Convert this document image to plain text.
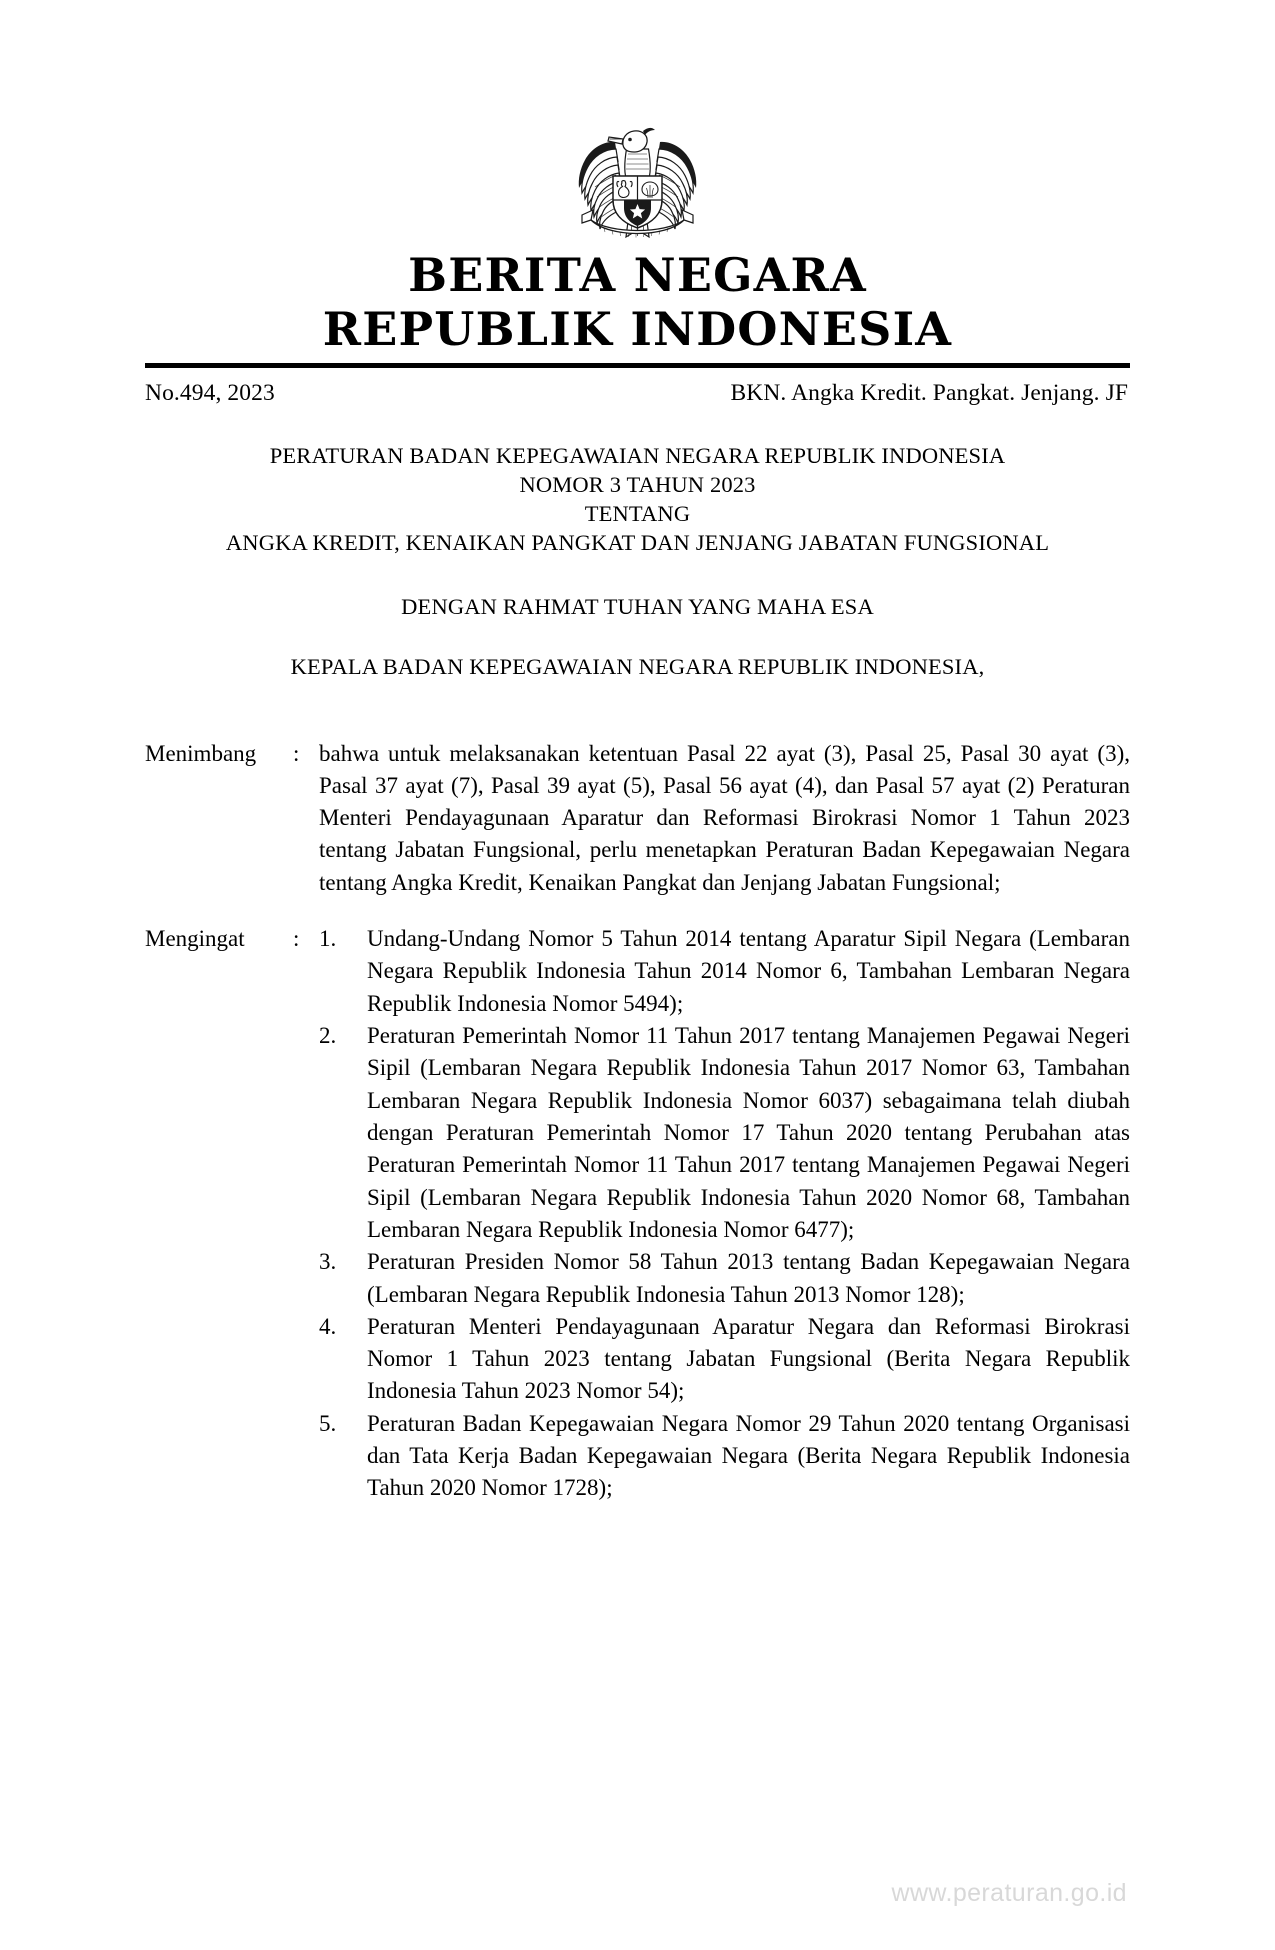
BERITA NEGARA
REPUBLIK INDONESIA
No.494, 2023	BKN. Angka Kredit. Pangkat. Jenjang. JF
PERATURAN BADAN KEPEGAWAIAN NEGARA REPUBLIK INDONESIA
NOMOR 3 TAHUN 2023
TENTANG
ANGKA KREDIT, KENAIKAN PANGKAT DAN JENJANG JABATAN FUNGSIONAL
DENGAN RAHMAT TUHAN YANG MAHA ESA
KEPALA BADAN KEPEGAWAIAN NEGARA REPUBLIK INDONESIA,
Menimbang	: bahwa untuk melaksanakan ketentuan Pasal 22 ayat (3), Pasal 25, Pasal 30 ayat (3), Pasal 37 ayat (7), Pasal 39 ayat (5), Pasal 56 ayat (4), dan Pasal 57 ayat (2) Peraturan Menteri Pendayagunaan Aparatur dan Reformasi Birokrasi Nomor 1 Tahun 2023 tentang Jabatan Fungsional, perlu menetapkan Peraturan Badan Kepegawaian Negara tentang Angka Kredit, Kenaikan Pangkat dan Jenjang Jabatan Fungsional;

Mengingat	: 1.	Undang-Undang Nomor 5 Tahun 2014 tentang Aparatur Sipil Negara (Lembaran Negara Republik Indonesia Tahun 2014 Nomor 6, Tambahan Lembaran Negara Republik Indonesia Nomor 5494);
2.	Peraturan Pemerintah Nomor 11 Tahun 2017 tentang Manajemen Pegawai Negeri Sipil (Lembaran Negara Republik Indonesia Tahun 2017 Nomor 63, Tambahan Lembaran Negara Republik Indonesia Nomor 6037) sebagaimana telah diubah dengan Peraturan Pemerintah Nomor 17 Tahun 2020 tentang Perubahan atas Peraturan Pemerintah Nomor 11 Tahun 2017 tentang Manajemen Pegawai Negeri Sipil (Lembaran Negara Republik Indonesia Tahun 2020 Nomor 68, Tambahan Lembaran Negara Republik Indonesia Nomor 6477);
3.	Peraturan Presiden Nomor 58 Tahun 2013 tentang Badan Kepegawaian Negara (Lembaran Negara Republik Indonesia Tahun 2013 Nomor 128);
4.	Peraturan Menteri Pendayagunaan Aparatur Negara dan Reformasi Birokrasi Nomor 1 Tahun 2023 tentang Jabatan Fungsional (Berita Negara Republik Indonesia Tahun 2023 Nomor 54);
5.	Peraturan Badan Kepegawaian Negara Nomor 29 Tahun 2020 tentang Organisasi dan Tata Kerja Badan Kepegawaian Negara (Berita Negara Republik Indonesia Tahun 2020 Nomor 1728);
www.peraturan.go.id
